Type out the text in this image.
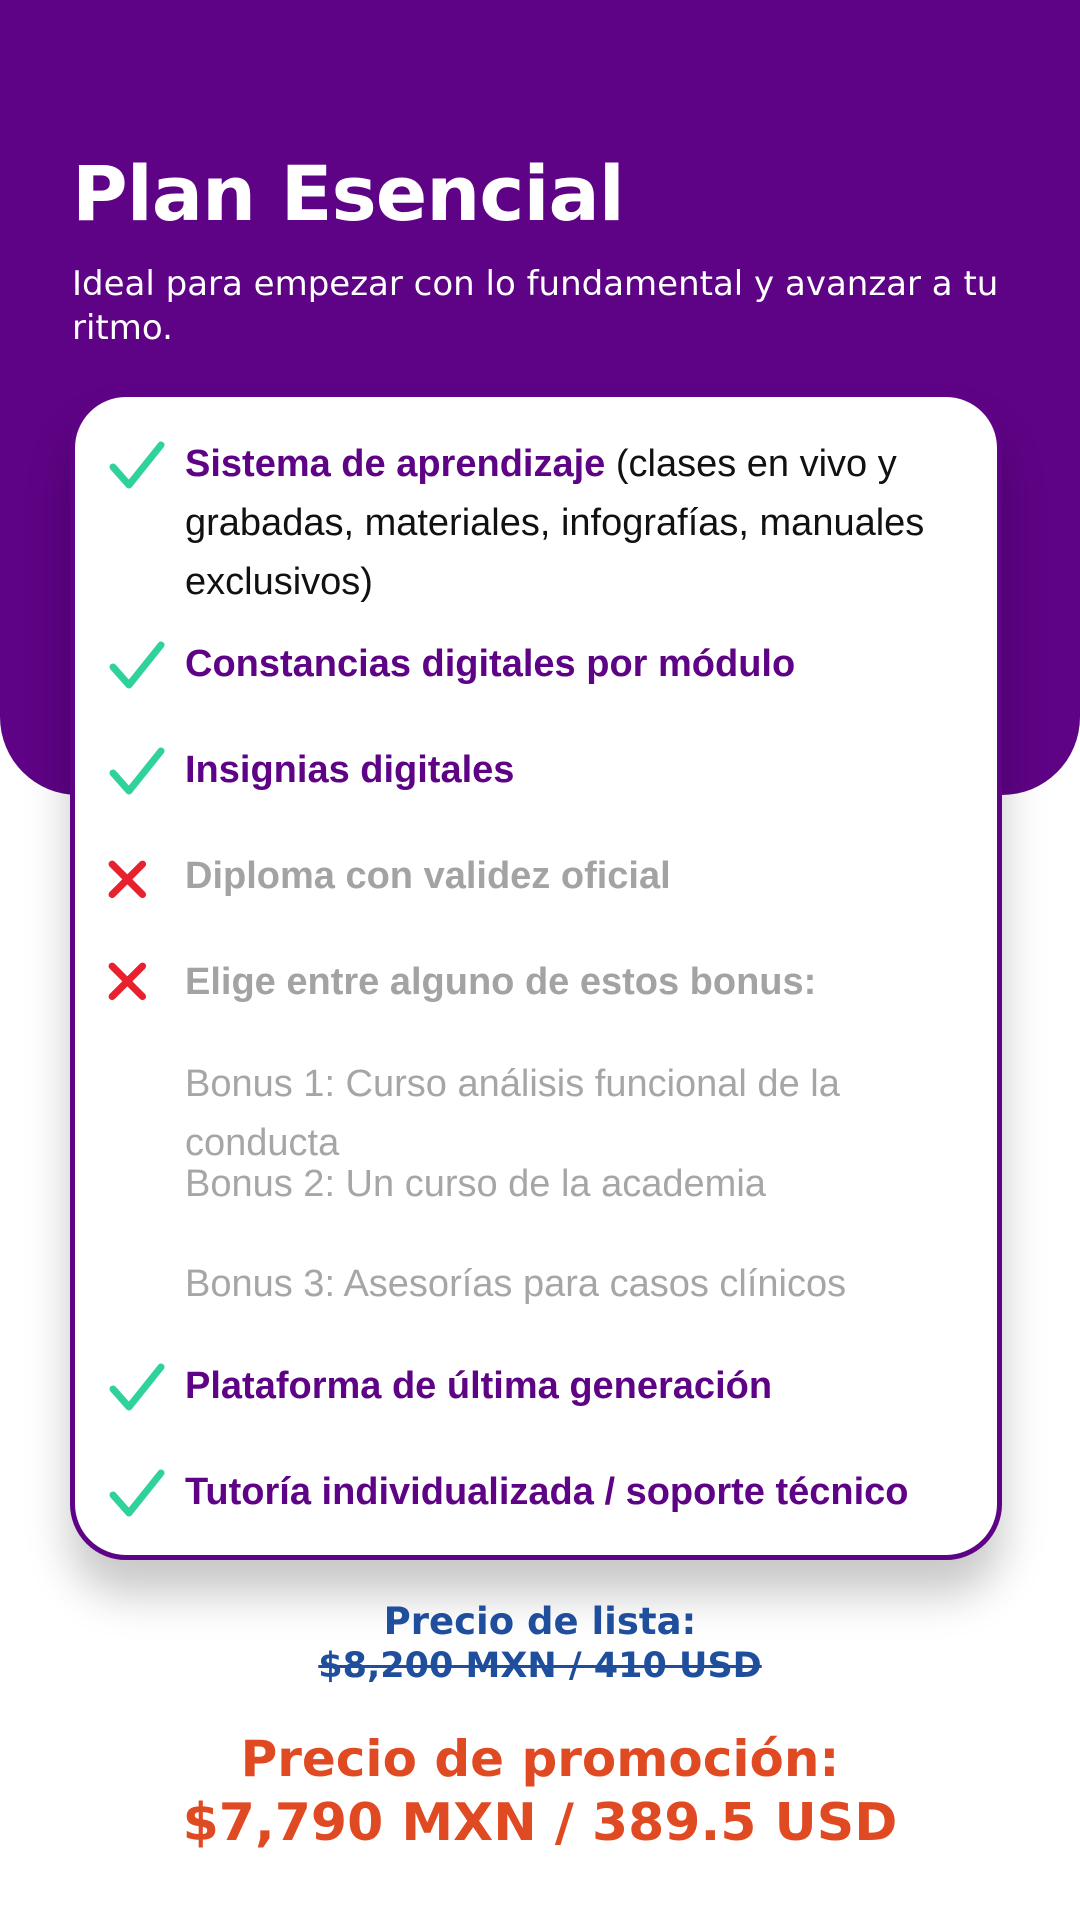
Plan Esencial

Ideal para empezar con lo fundamental y avanzar a tu ritmo.

Sistema de aprendizaje (clases en vivo y grabadas, materiales, infografías, manuales exclusivos)
Constancias digitales por módulo
Insignias digitales
Diploma con validez oficial
Elige entre alguno de estos bonus:
Bonus 1: Curso análisis funcional de la conducta
Bonus 2: Un curso de la academia
Bonus 3: Asesorías para casos clínicos
Plataforma de última generación
Tutoría individualizada / soporte técnico

Precio de lista:

$8,200 MXN / 410 USD

Precio de promoción:

$7,790 MXN / 389.5 USD
